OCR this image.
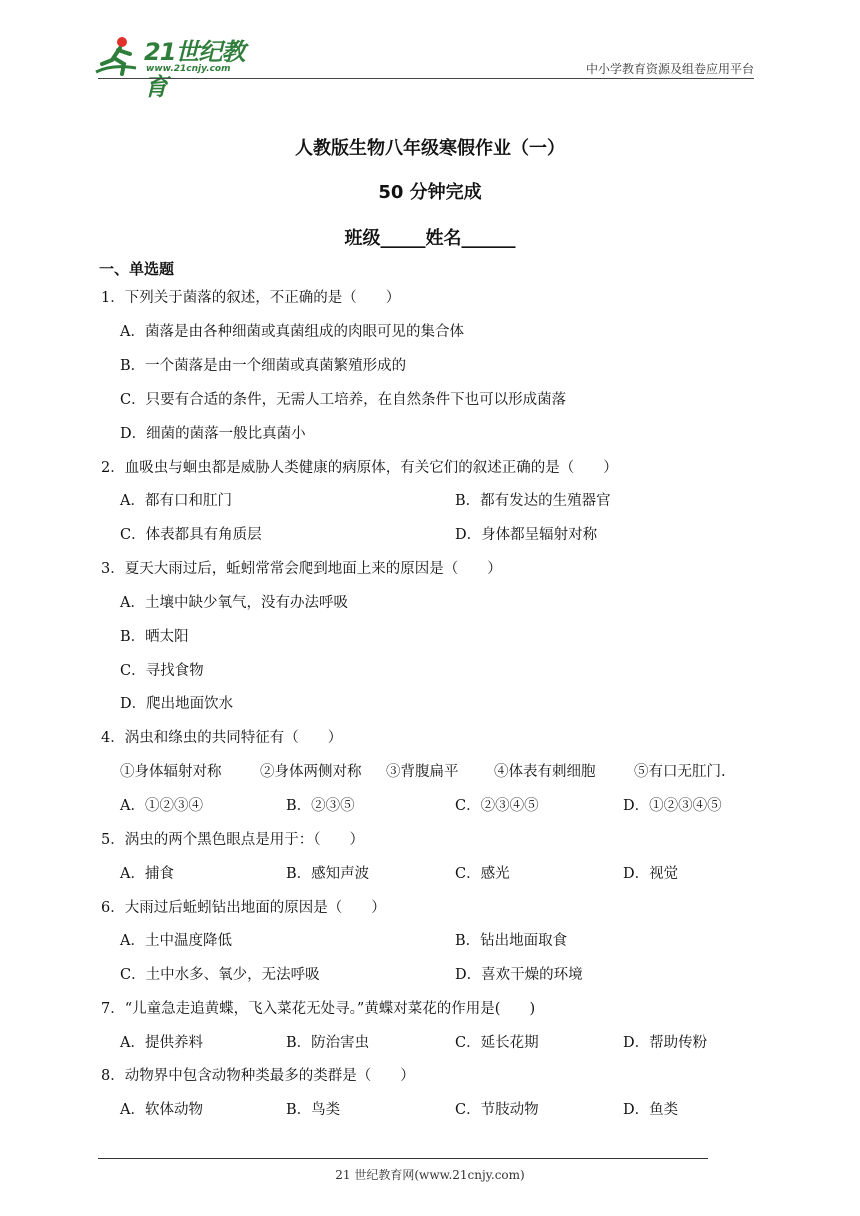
21世纪教育
www.21cnjy.com	中小学教育资源及组卷应用平台
人教版生物八年级寒假作业（一）
50 分钟完成
班级_____姓名______
一、单选题
1．下列关于菌落的叙述，不正确的是（　　）
A．菌落是由各种细菌或真菌组成的肉眼可见的集合体
B．一个菌落是由一个细菌或真菌繁殖形成的
C．只要有合适的条件，无需人工培养，在自然条件下也可以形成菌落
D．细菌的菌落一般比真菌小
2．血吸虫与蛔虫都是威胁人类健康的病原体，有关它们的叙述正确的是（　　）
A．都有口和肛门	B．都有发达的生殖器官
C．体表都具有角质层	D．身体都呈辐射对称
3．夏天大雨过后，蚯蚓常常会爬到地面上来的原因是（　　）
A．土壤中缺少氧气，没有办法呼吸
B．晒太阳
C．寻找食物
D．爬出地面饮水
4．涡虫和绦虫的共同特征有（　　）
①身体辐射对称	②身体两侧对称 ③背腹扁平 ④体表有刺细胞	⑤有口无肛门.
A．①②③④	B．②③⑤	C．②③④⑤	D．①②③④⑤
5．涡虫的两个黑色眼点是用于：（　　）
A．捕食	B．感知声波	C．感光	D．视觉
6．大雨过后蚯蚓钻出地面的原因是（　　）
A．土中温度降低	B．钻出地面取食
C．土中水多、氧少，无法呼吸	D．喜欢干燥的环境
7．“儿童急走追黄蝶，飞入菜花无处寻。”黄蝶对菜花的作用是(　　)
A．提供养料	B．防治害虫	C．延长花期	D．帮助传粉
8．动物界中包含动物种类最多的类群是（　　）
A．软体动物	B．鸟类	C．节肢动物	D．鱼类
21 世纪教育网(www.21cnjy.com)
